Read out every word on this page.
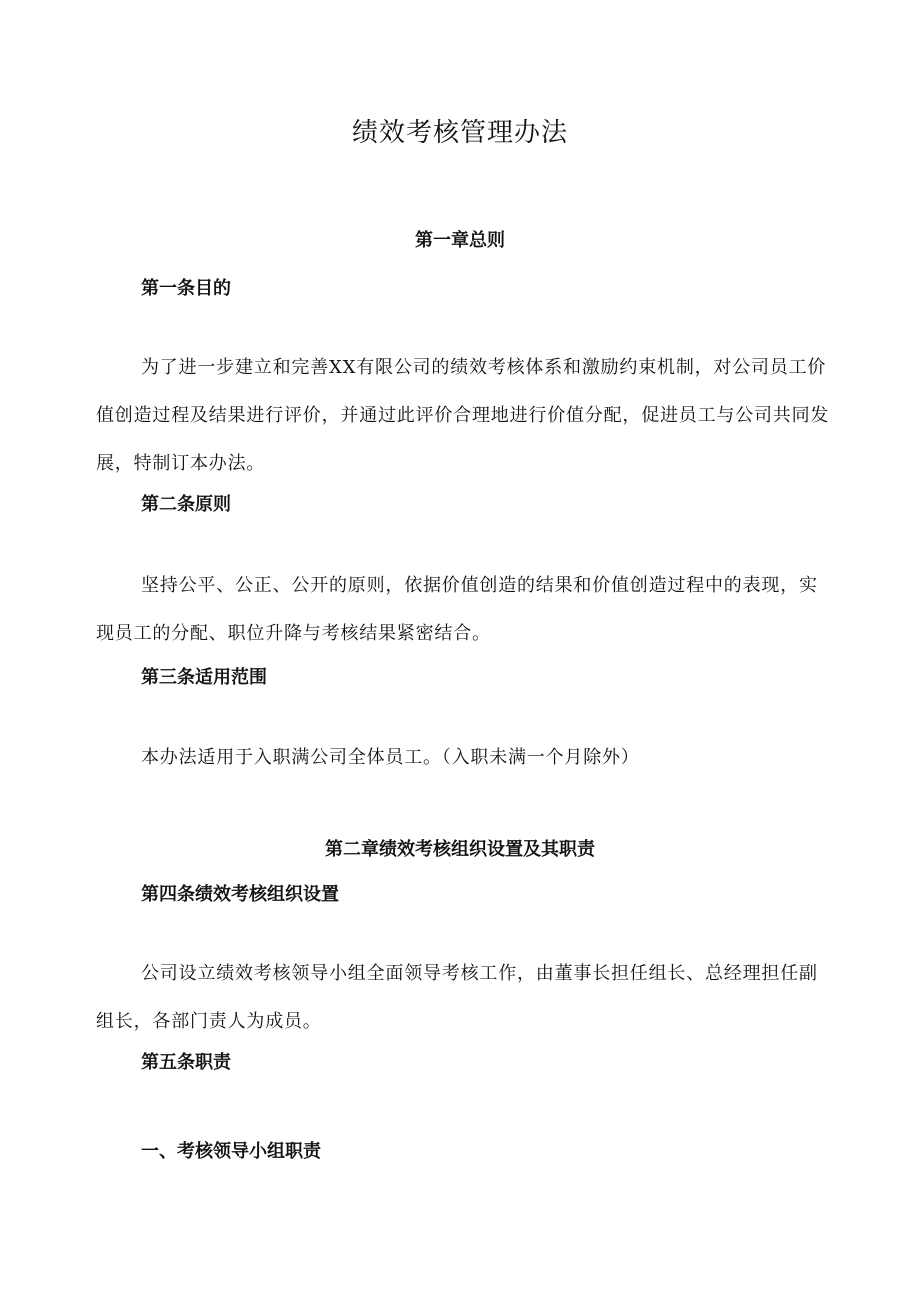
绩效考核管理办法
第一章总则
第一条目的

为了进一步建立和完善XX有限公司的绩效考核体系和激励约束机制，对公司员工价值创造过程及结果进行评价，并通过此评价合理地进行价值分配，促进员工与公司共同发展，特制订本办法。

第二条原则

坚持公平、公正、公开的原则，依据价值创造的结果和价值创造过程中的表现，实现员工的分配、职位升降与考核结果紧密结合。

第三条适用范围

本办法适用于入职满公司全体员工。（入职未满一个月除外）

第二章绩效考核组织设置及其职责
第四条绩效考核组织设置

公司设立绩效考核领导小组全面领导考核工作，由董事长担任组长、总经理担任副组长，各部门责人为成员。

第五条职责
一、考核领导小组职责
